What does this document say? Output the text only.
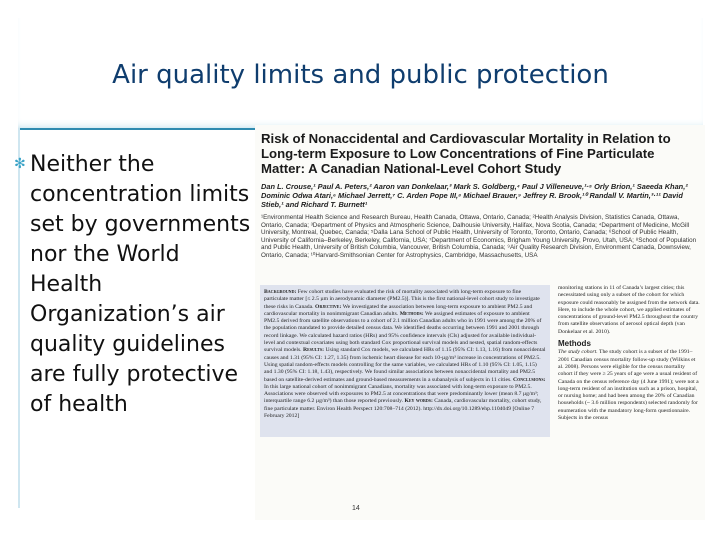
Air quality limits and public protection
✻ Neither the concentration limits set by governments nor the World Health Organization’s air quality guidelines are fully protective of health
Risk of Nonaccidental and Cardiovascular Mortality in Relation to Long-term Exposure to Low Concentrations of Fine Particulate Matter: A Canadian National-Level Cohort Study
Dan L. Crouse,¹ Paul A. Peters,² Aaron van Donkelaar,³ Mark S. Goldberg,⁴ Paul J Villeneuve,¹·⁵ Orly Brion,¹ Saeeda Khan,² Dominic Odwa Atari,⁶ Michael Jerrett,⁷ C. Arden Pope III,⁸ Michael Brauer,⁹ Jeffrey R. Brook,¹⁰ Randall V. Martin,³·¹¹ David Stieb,¹ and Richard T. Burnett¹
¹Environmental Health Science and Research Bureau, Health Canada, Ottawa, Ontario, Canada; ²Health Analysis Division, Statistics Canada, Ottawa, Ontario, Canada; ³Department of Physics and Atmospheric Science, Dalhousie University, Halifax, Nova Scotia, Canada; ⁴Department of Medicine, McGill University, Montreal, Quebec, Canada; ⁵Dalla Lana School of Public Health, University of Toronto, Toronto, Ontario, Canada; ⁶School of Public Health, University of California–Berkeley, Berkeley, California, USA; ⁷Department of Economics, Brigham Young University, Provo, Utah, USA; ⁸School of Population and Public Health, University of British Columbia, Vancouver, British Columbia, Canada; ⁹Air Quality Research Division, Environment Canada, Downsview, Ontario, Canada; ¹⁰Harvard-Smithsonian Center for Astrophysics, Cambridge, Massachusetts, USA
Background: Few cohort studies have evaluated the risk of mortality associated with long-term exposure to fine particulate matter [≤ 2.5 µm in aerodynamic diameter (PM2.5)]. This is the first national-level cohort study to investigate these risks in Canada. Objective: We investigated the association between long-term exposure to ambient PM2.5 and cardiovascular mortality in nonimmigrant Canadian adults. Methods: We assigned estimates of exposure to ambient PM2.5 derived from satellite observations to a cohort of 2.1 million Canadian adults who in 1991 were among the 20% of the population mandated to provide detailed census data. We identified deaths occurring between 1991 and 2001 through record linkage. We calculated hazard ratios (HRs) and 95% confidence intervals (CIs) adjusted for available individual-level and contextual covariates using both standard Cox proportional survival models and nested, spatial random-effects survival models. Results: Using standard Cox models, we calculated HRs of 1.15 (95% CI: 1.13, 1.16) from nonaccidental causes and 1.31 (95% CI: 1.27, 1.35) from ischemic heart disease for each 10-µg/m³ increase in concentrations of PM2.5. Using spatial random-effects models controlling for the same variables, we calculated HRs of 1.10 (95% CI: 1.05, 1.15) and 1.30 (95% CI: 1.18, 1.43), respectively. We found similar associations between nonaccidental mortality and PM2.5 based on satellite-derived estimates and ground-based measurements in a subanalysis of subjects in 11 cities. Conclusions: In this large national cohort of nonimmigrant Canadians, mortality was associated with long-term exposure to PM2.5. Associations were observed with exposures to PM2.5 at concentrations that were predominantly lower (mean 8.7 µg/m³; interquartile range 6.2 µg/m³) than those reported previously. Key words: Canada, cardiovascular mortality, cohort study, fine particulate matter. Environ Health Perspect 120:708–714 (2012). http://dx.doi.org/10.1289/ehp.1104049 [Online 7 February 2012]
monitoring stations in 11 of Canada’s largest cities; this necessitated using only a subset of the cohort for which exposure could reasonably be assigned from the network data. Here, to include the whole cohort, we applied estimates of concentrations of ground-level PM2.5 throughout the country from satellite observations of aerosol optical depth (van Donkelaar et al. 2010).
Methods
The study cohort. The study cohort is a subset of the 1991–2001 Canadian census mortality follow-up study (Wilkins et al. 2008). Persons were eligible for the census mortality cohort if they were ≥ 25 years of age were a usual resident of Canada on the census reference day (4 June 1991); were not a long-term resident of an institution such as a prison, hospital, or nursing home; and had been among the 20% of Canadian households (~ 3.6 million respondents) selected randomly for enumeration with the mandatory long-form questionnaire. Subjects in the census
14
